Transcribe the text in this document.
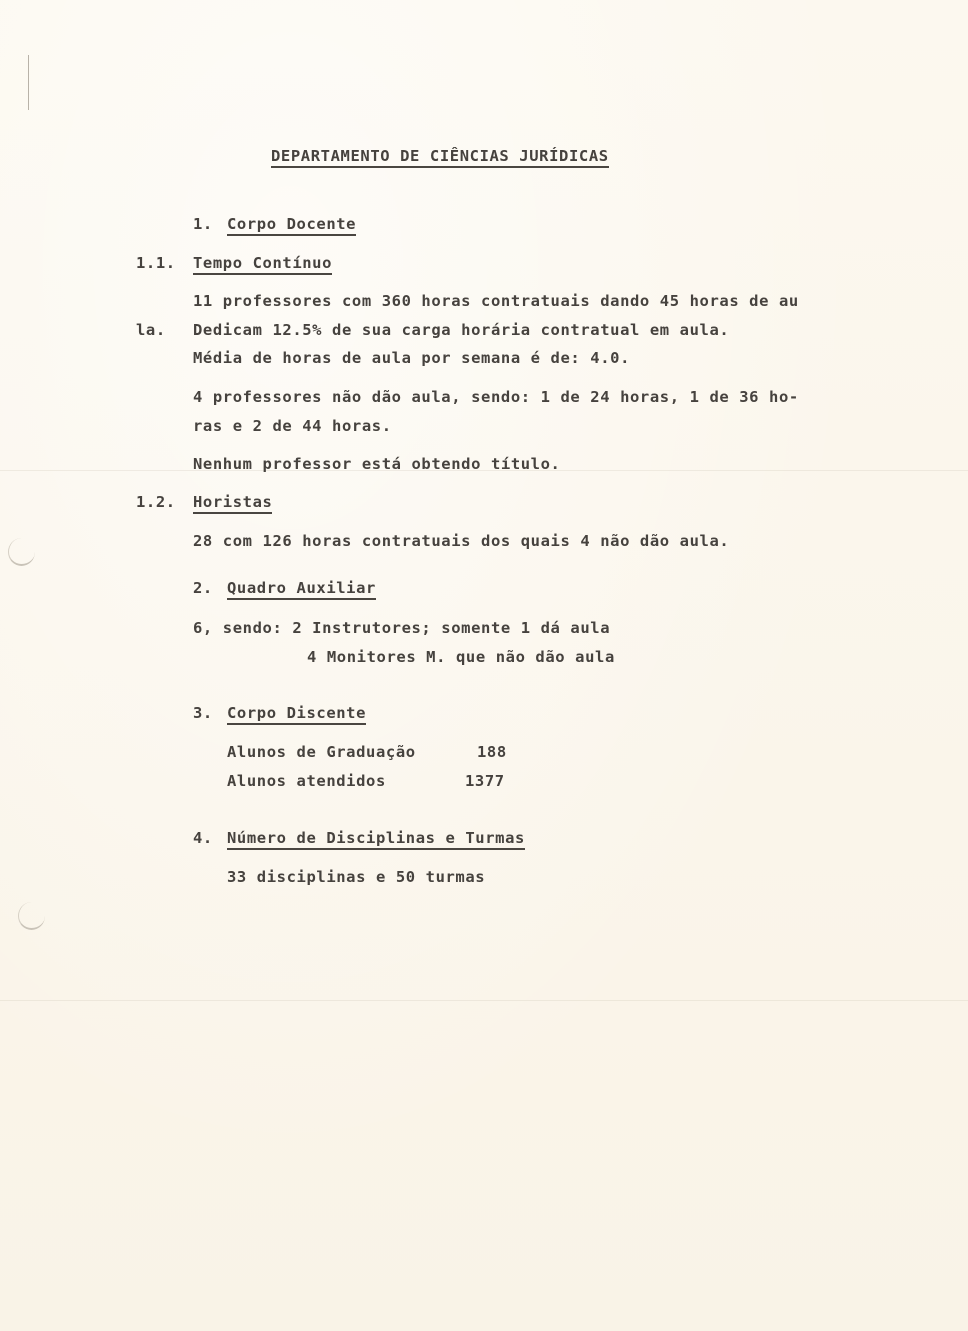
DEPARTAMENTO DE CIÊNCIAS JURÍDICAS
1. Corpo Docente
1.1. Tempo Contínuo
11 professores com 360 horas contratuais dando 45 horas de au
la. Dedicam 12.5% de sua carga horária contratual em aula.
Média de horas de aula por semana é de: 4.0.
4 professores não dão aula, sendo: 1 de 24 horas, 1 de 36 ho-
ras e 2 de 44 horas.
Nenhum professor está obtendo título.
1.2. Horistas
28 com 126 horas contratuais dos quais 4 não dão aula.
2. Quadro Auxiliar
6, sendo: 2 Instrutores; somente 1 dá aula
4 Monitores M. que não dão aula
3. Corpo Discente
Alunos de Graduação	188
Alunos atendidos	1377
4. Número de Disciplinas e Turmas
33 disciplinas e 50 turmas
